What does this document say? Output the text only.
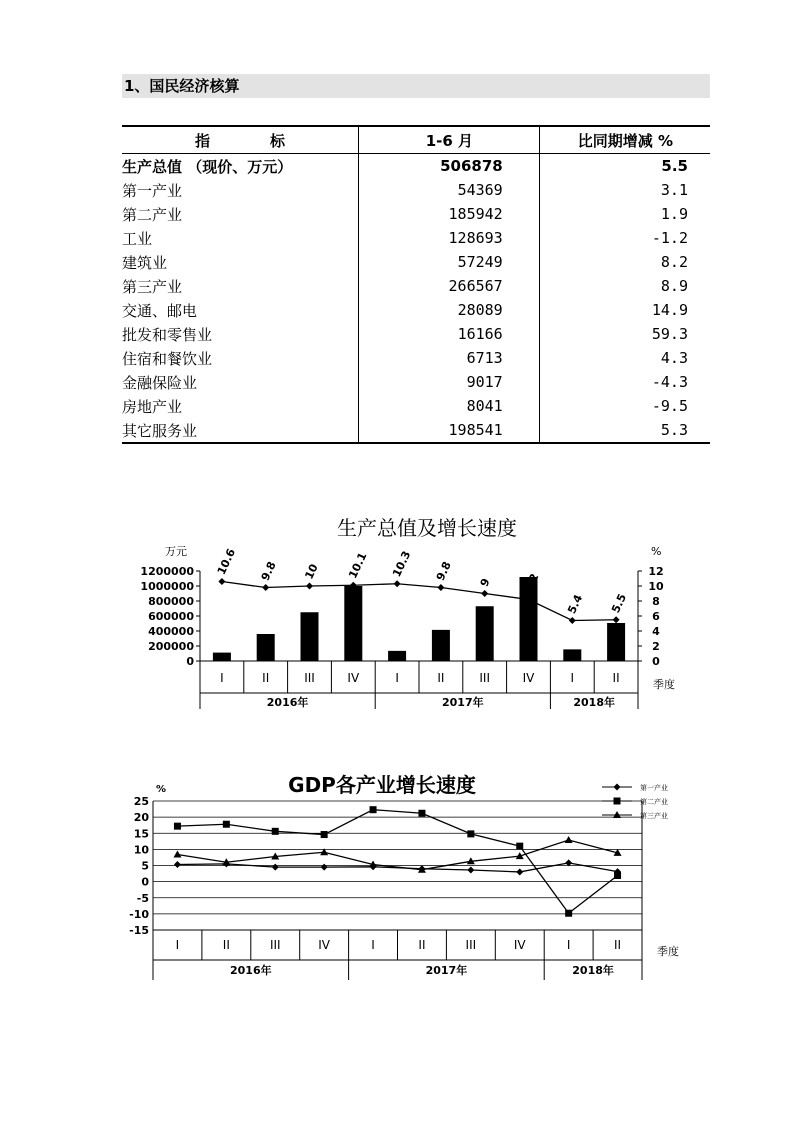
1、国民经济核算
指　　　　标	1-6 月	比同期增减 %
生产总值 （现价、万元）	506878	5.5
第一产业	54369	3.1
第二产业	185942	1.9
工业	128693	-1.2
建筑业	57249	8.2
第三产业	266567	8.9
交通、邮电	28089	14.9
批发和零售业	16166	59.3
住宿和餐饮业	6713	4.3
金融保险业	9017	-4.3
房地产业	8041	-9.5
其它服务业	198541	5.3
生产总值及增长速度
万元	%
0
200000
400000
600000
800000
1000000
1200000
0
2
4
6
8
10
12
10.6 9.8 10 10.1 10.3 9.8 9	8.2
5.4 5.5
I	II	III	IV	I	II	III	IV	I	II
2016年	2017年	2018年
季度
GDP各产业增长速度
%
-15
-10
-5
0
5
10
15
20
25
第一产业
第二产业
第三产业
I	II	III	IV	I	II	III	IV	I	II
2016年	2017年	2018年
季度
